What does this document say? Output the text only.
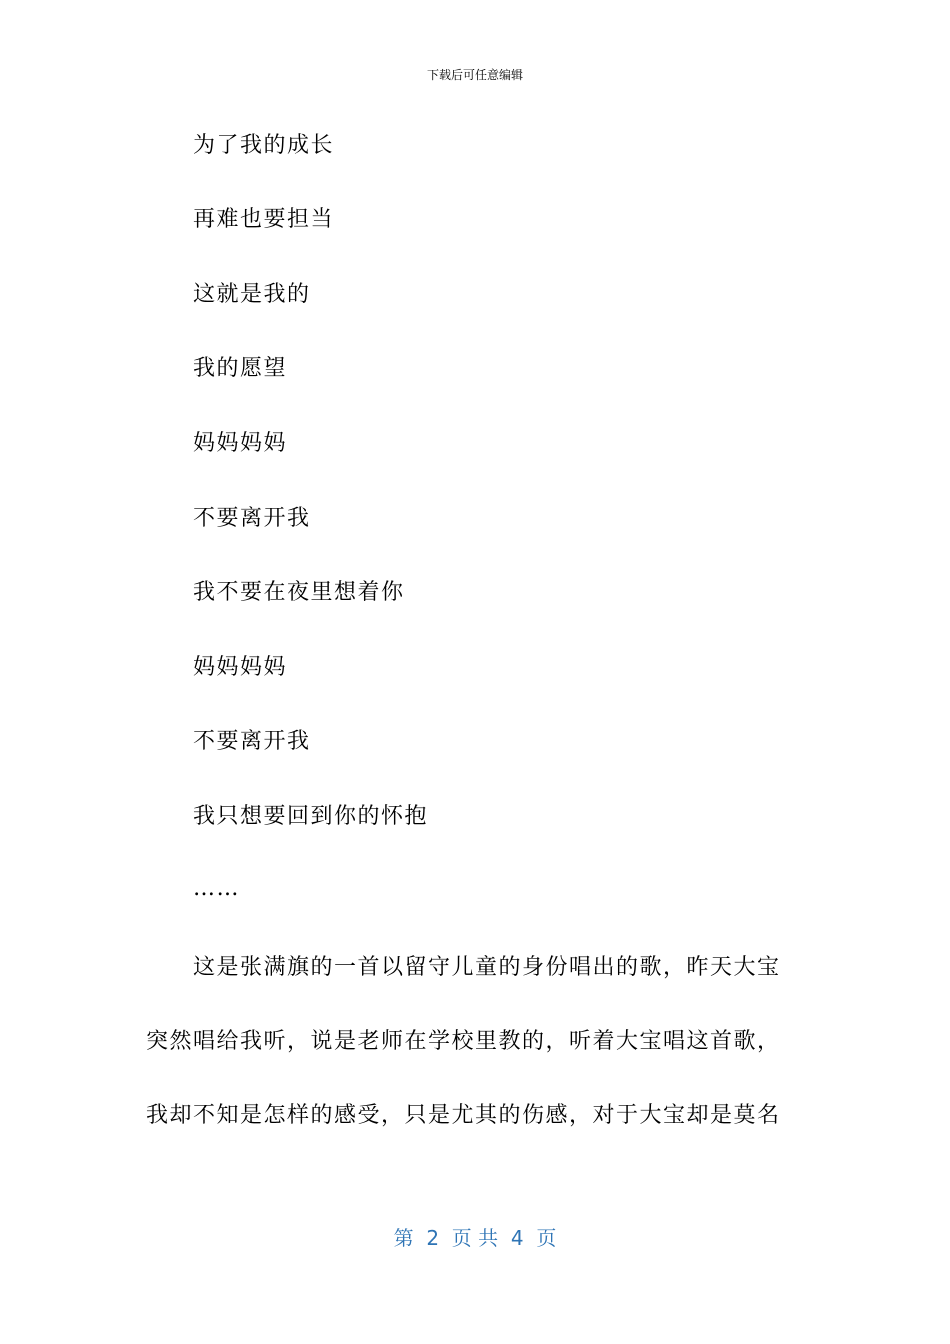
下载后可任意编辑
为了我的成长
再难也要担当
这就是我的
我的愿望
妈妈妈妈
不要离开我
我不要在夜里想着你
妈妈妈妈
不要离开我
我只想要回到你的怀抱
……
这是张满旗的一首以留守儿童的身份唱出的歌，昨天大宝
突然唱给我听，说是老师在学校里教的，听着大宝唱这首歌，
我却不知是怎样的感受，只是尤其的伤感，对于大宝却是莫名
第  2  页 共  4  页
